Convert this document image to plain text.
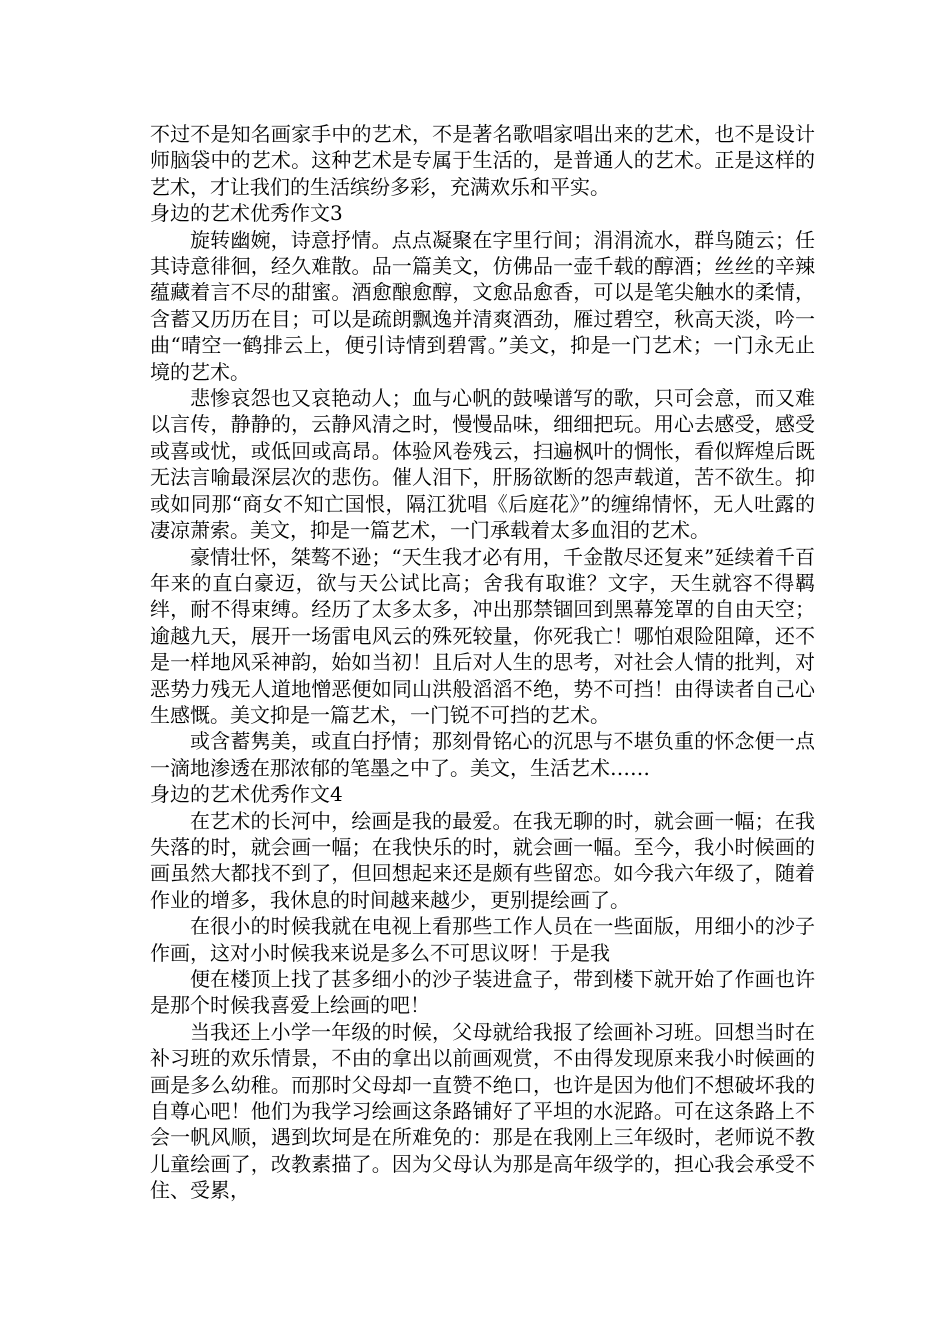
不过不是知名画家手中的艺术，不是著名歌唱家唱出来的艺术，也不是设计师脑袋中的艺术。这种艺术是专属于生活的，是普通人的艺术。正是这样的艺术，才让我们的生活缤纷多彩，充满欢乐和平实。

身边的艺术优秀作文3

旋转幽婉，诗意抒情。点点凝聚在字里行间；涓涓流水，群鸟随云；任其诗意徘徊，经久难散。品一篇美文，仿佛品一壶千载的醇酒；丝丝的辛辣蕴藏着言不尽的甜蜜。酒愈酿愈醇，文愈品愈香，可以是笔尖触水的柔情，含蓄又历历在目；可以是疏朗飘逸并清爽酒劲，雁过碧空，秋高天淡，吟一曲“晴空一鹤排云上，便引诗情到碧霄。”美文，抑是一门艺术；一门永无止境的艺术。

悲惨哀怨也又哀艳动人；血与心帆的鼓噪谱写的歌，只可会意，而又难以言传，静静的，云静风清之时，慢慢品味，细细把玩。用心去感受，感受或喜或忧，或低回或高昂。体验风卷残云，扫遍枫叶的惆怅，看似辉煌后既无法言喻最深层次的悲伤。催人泪下，肝肠欲断的怨声载道，苦不欲生。抑或如同那“商女不知亡国恨，隔江犹唱《后庭花》”的缠绵情怀，无人吐露的凄凉萧索。美文，抑是一篇艺术，一门承载着太多血泪的艺术。

豪情壮怀，桀骜不逊；“天生我才必有用，千金散尽还复来”延续着千百年来的直白豪迈，欲与天公试比高；舍我有取谁？文字，天生就容不得羁绊，耐不得束缚。经历了太多太多，冲出那禁锢回到黑幕笼罩的自由天空；逾越九天，展开一场雷电风云的殊死较量，你死我亡！哪怕艰险阻障，还不是一样地风采神韵，始如当初！且后对人生的思考，对社会人情的批判，对恶势力残无人道地憎恶便如同山洪般滔滔不绝，势不可挡！由得读者自己心生感慨。美文抑是一篇艺术，一门锐不可挡的艺术。

或含蓄隽美，或直白抒情；那刻骨铭心的沉思与不堪负重的怀念便一点一滴地渗透在那浓郁的笔墨之中了。美文，生活艺术……

身边的艺术优秀作文4

在艺术的长河中，绘画是我的最爱。在我无聊的时，就会画一幅；在我失落的时，就会画一幅；在我快乐的时，就会画一幅。至今，我小时候画的画虽然大都找不到了，但回想起来还是颇有些留恋。如今我六年级了，随着作业的增多，我休息的时间越来越少，更别提绘画了。

在很小的时候我就在电视上看那些工作人员在一些面版，用细小的沙子作画，这对小时候我来说是多么不可思议呀！于是我

便在楼顶上找了甚多细小的沙子装进盒子，带到楼下就开始了作画也许是那个时候我喜爱上绘画的吧！

当我还上小学一年级的时候，父母就给我报了绘画补习班。回想当时在补习班的欢乐情景，不由的拿出以前画观赏，不由得发现原来我小时候画的画是多么幼稚。而那时父母却一直赞不绝口，也许是因为他们不想破坏我的自尊心吧！他们为我学习绘画这条路铺好了平坦的水泥路。可在这条路上不会一帆风顺，遇到坎坷是在所难免的：那是在我刚上三年级时，老师说不教儿童绘画了，改教素描了。因为父母认为那是高年级学的，担心我会承受不住、受累，
